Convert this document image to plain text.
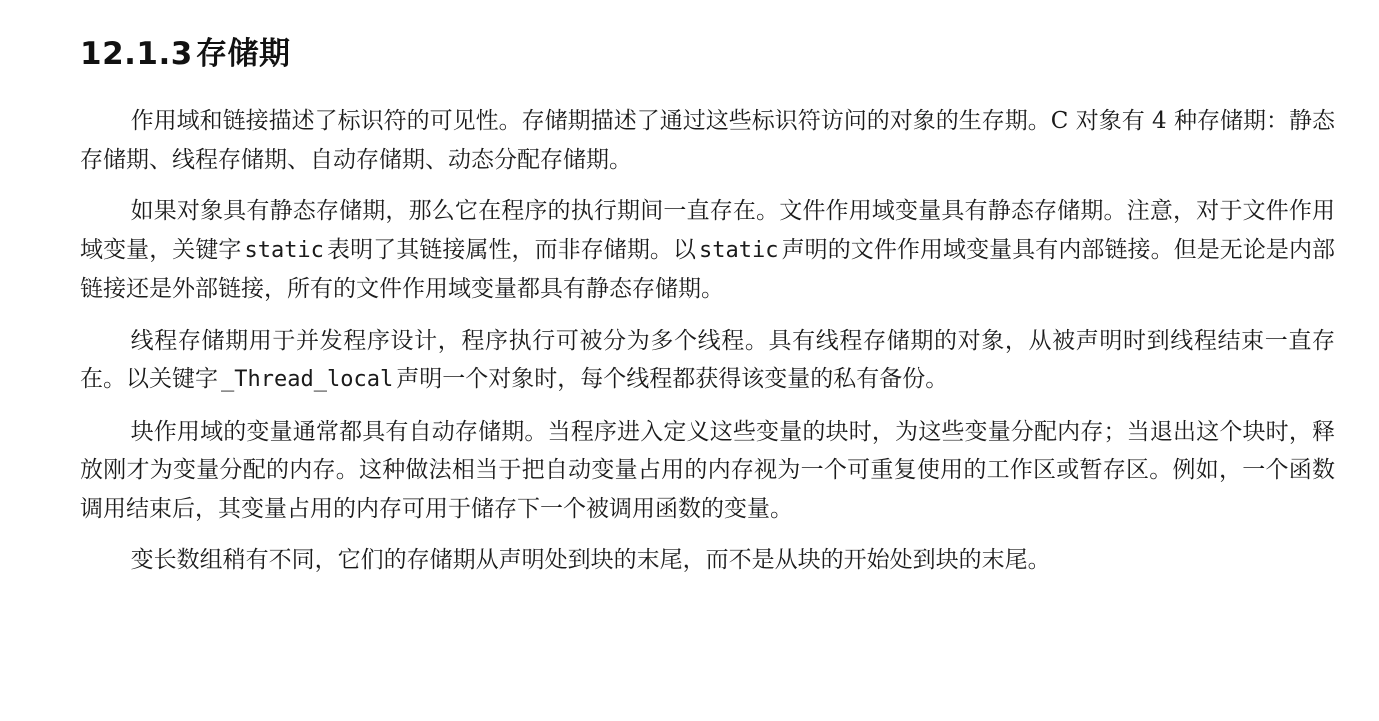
12.1.3 存储期

作用域和链接描述了标识符的可见性。存储期描述了通过这些标识符访问的对象的生存期。C 对象有 4 种存储期：静态存储期、线程存储期、自动存储期、动态分配存储期。

如果对象具有静态存储期，那么它在程序的执行期间一直存在。文件作用域变量具有静态存储期。注意，对于文件作用域变量，关键字 static 表明了其链接属性，而非存储期。以 static 声明的文件作用域变量具有内部链接。但是无论是内部链接还是外部链接，所有的文件作用域变量都具有静态存储期。

线程存储期用于并发程序设计，程序执行可被分为多个线程。具有线程存储期的对象，从被声明时到线程结束一直存在。以关键字 _Thread_local 声明一个对象时，每个线程都获得该变量的私有备份。

块作用域的变量通常都具有自动存储期。当程序进入定义这些变量的块时，为这些变量分配内存；当退出这个块时，释放刚才为变量分配的内存。这种做法相当于把自动变量占用的内存视为一个可重复使用的工作区或暂存区。例如，一个函数调用结束后，其变量占用的内存可用于储存下一个被调用函数的变量。

变长数组稍有不同，它们的存储期从声明处到块的末尾，而不是从块的开始处到块的末尾。
